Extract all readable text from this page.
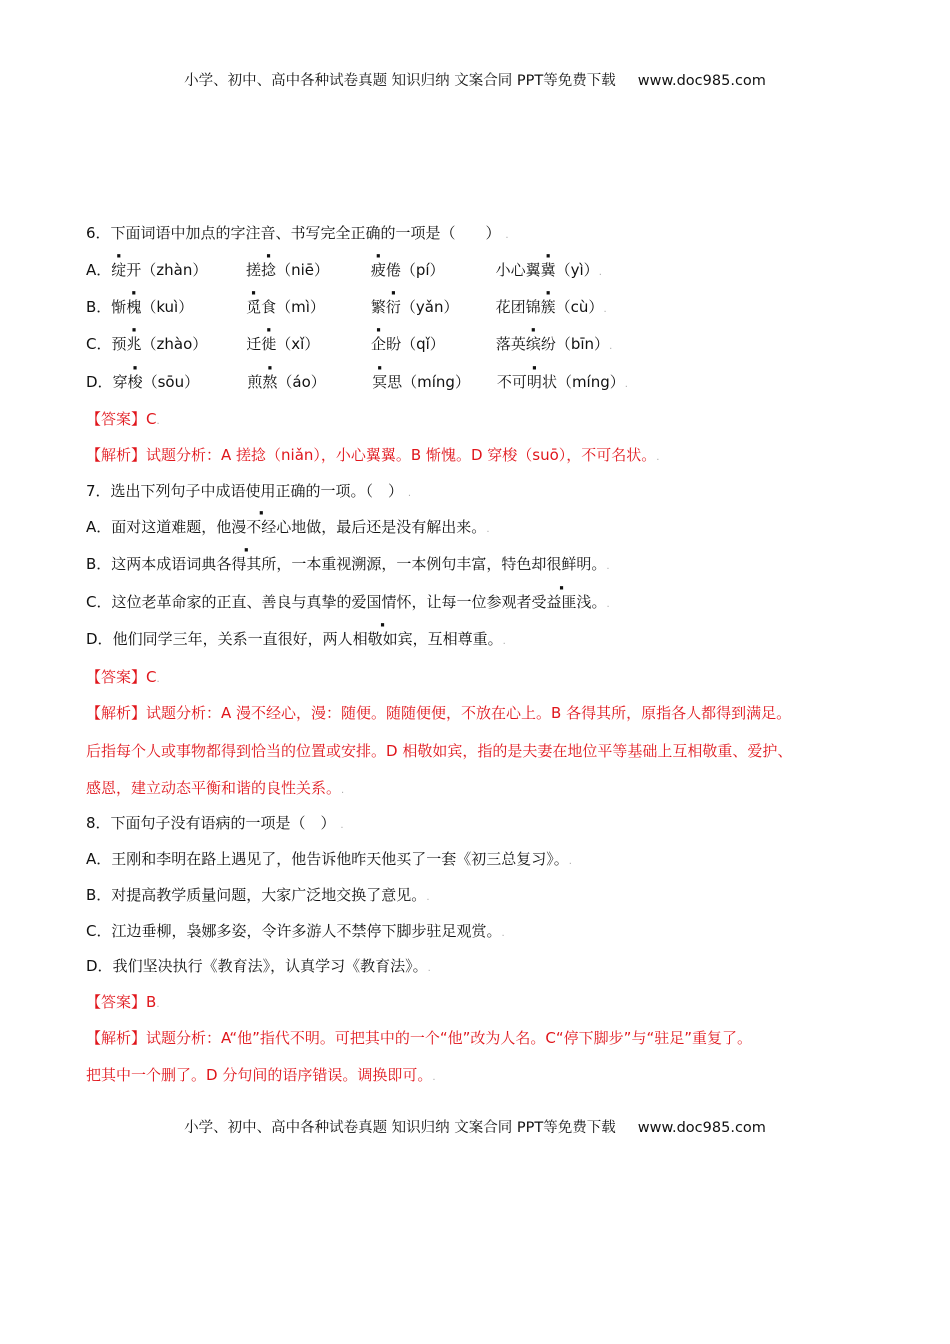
小学、初中、高中各种试卷真题 知识归纳 文案合同 PPT等免费下载 www.doc985.com
6．下面词语中加点的字注音、书写完全正确的一项是（　　） .
A．绽开（zhàn）	搓捻（niē）	疲倦（pí）	小心翼冀（yì）.
B．惭槐（kuì）	觅食（mì）	繁衍（yǎn） 花团锦簇（cù）.
C．预兆（zhào）	迁徙（xǐ）	企盼（qǐ）	落英缤纷（bīn）.
D．穿梭（sōu）	煎熬（áo）	冥思（míng） 不可明状（míng）.
【答案】C.
【解析】试题分析：A 搓捻（niǎn），小心翼翼。B 惭愧。D 穿梭（suō），不可名状。.
7．选出下列句子中成语使用正确的一项。（　） .
A．面对这道难题，他漫不经心地做，最后还是没有解出来。.
B．这两本成语词典各得其所，一本重视溯源，一本例句丰富，特色却很鲜明。.
C．这位老革命家的正直、善良与真挚的爱国情怀，让每一位参观者受益匪浅。.
D．他们同学三年，关系一直很好，两人相敬如宾，互相尊重。.
【答案】C.
【解析】试题分析：A 漫不经心，漫：随便。随随便便，不放在心上。B 各得其所，原指各人都得到满足。
后指每个人或事物都得到恰当的位置或安排。D 相敬如宾，指的是夫妻在地位平等基础上互相敬重、爱护、
感恩，建立动态平衡和谐的良性关系。.
8．下面句子没有语病的一项是（　） .
A．王刚和李明在路上遇见了，他告诉他昨天他买了一套《初三总复习》。.
B．对提高教学质量问题，大家广泛地交换了意见。.
C．江边垂柳，袅娜多姿，令许多游人不禁停下脚步驻足观赏。.
D．我们坚决执行《教育法》，认真学习《教育法》。.
【答案】B.
【解析】试题分析：A“他”指代不明。可把其中的一个“他”改为人名。C“停下脚步”与“驻足”重复了。
把其中一个删了。D 分句间的语序错误。调换即可。.
小学、初中、高中各种试卷真题 知识归纳 文案合同 PPT等免费下载 www.doc985.com
